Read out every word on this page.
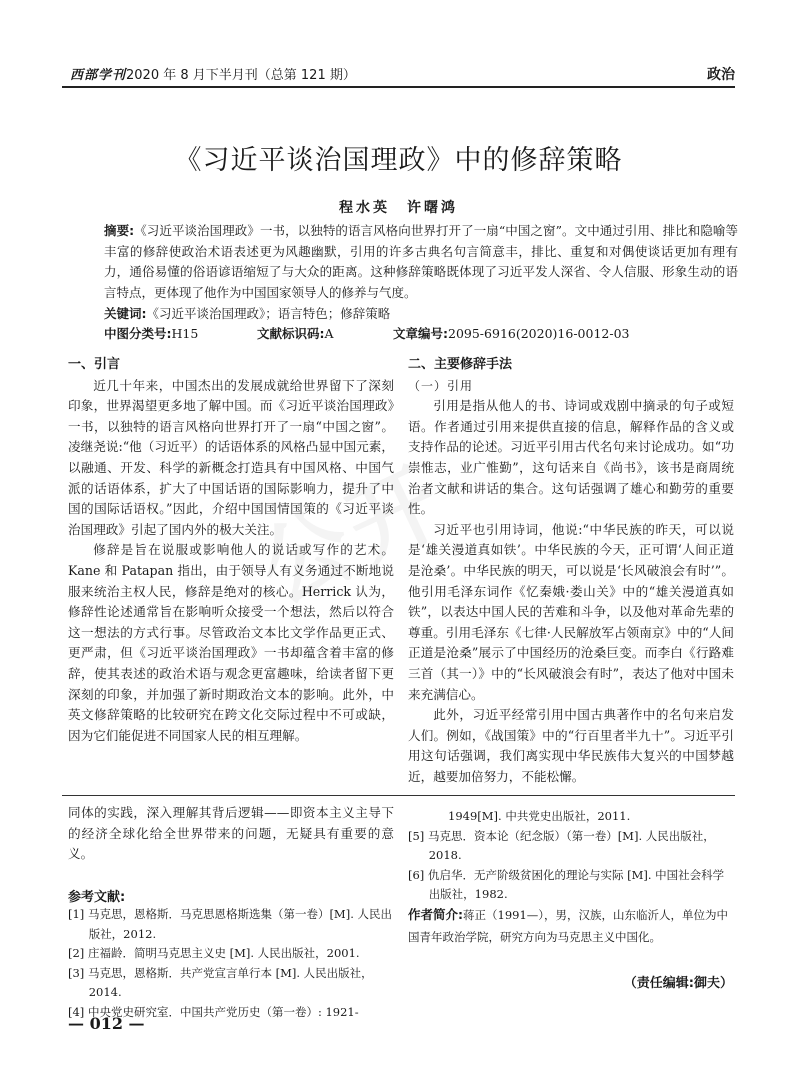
西部学刊2020 年 8 月下半月刊（总第 121 期）	政治
《习近平谈治国理政》中的修辞策略
程水英　许曙鸿
摘要:《习近平谈治国理政》一书，以独特的语言风格向世界打开了一扇“中国之窗”。文中通过引用、排比和隐喻等丰富的修辞使政治术语表述更为风趣幽默，引用的许多古典名句言简意丰，排比、重复和对偶使谈话更加有理有力，通俗易懂的俗语谚语缩短了与大众的距离。这种修辞策略既体现了习近平发人深省、令人信服、形象生动的语言特点，更体现了他作为中国国家领导人的修养与气度。
关键词:《习近平谈治国理政》；语言特色；修辞策略
中图分类号:H15	文献标识码:A	文章编号:2095-6916(2020)16-0012-03
一、引言

近几十年来，中国杰出的发展成就给世界留下了深刻印象，世界渴望更多地了解中国。而《习近平谈治国理政》一书，以独特的语言风格向世界打开了一扇“中国之窗”。凌继尧说:“他（习近平）的话语体系的风格凸显中国元素，以融通、开发、科学的新概念打造具有中国风格、中国气派的话语体系，扩大了中国话语的国际影响力，提升了中国的国际话语权。”因此，介绍中国国情国策的《习近平谈治国理政》引起了国内外的极大关注。

修辞是旨在说服或影响他人的说话或写作的艺术。Kane 和 Patapan 指出，由于领导人有义务通过不断地说服来统治主权人民，修辞是绝对的核心。Herrick 认为，修辞性论述通常旨在影响听众接受一个想法，然后以符合这一想法的方式行事。尽管政治文本比文学作品更正式、更严肃，但《习近平谈治国理政》一书却蕴含着丰富的修辞，使其表述的政治术语与观念更富趣味，给读者留下更深刻的印象，并加强了新时期政治文本的影响。此外，中英文修辞策略的比较研究在跨文化交际过程中不可或缺，因为它们能促进不同国家人民的相互理解。

二、主要修辞手法
（一）引用

引用是指从他人的书、诗词或戏剧中摘录的句子或短语。作者通过引用来提供直接的信息，解释作品的含义或支持作品的论述。习近平引用古代名句来讨论成功。如“功崇惟志，业广惟勤”，这句话来自《尚书》，该书是商周统治者文献和讲话的集合。这句话强调了雄心和勤劳的重要性。

习近平也引用诗词，他说:“中华民族的昨天，可以说是‘雄关漫道真如铁’。中华民族的今天，正可谓‘人间正道是沧桑’。中华民族的明天，可以说是‘长风破浪会有时’”。他引用毛泽东词作《忆秦娥·娄山关》中的“雄关漫道真如铁”，以表达中国人民的苦难和斗争，以及他对革命先辈的尊重。引用毛泽东《七律·人民解放军占领南京》中的“人间正道是沧桑”展示了中国经历的沧桑巨变。而李白《行路难三首（其一）》中的“长风破浪会有时”，表达了他对中国未来充满信心。

此外，习近平经常引用中国古典著作中的名句来启发人们。例如，《战国策》中的“行百里者半九十”。习近平引用这句话强调，我们离实现中华民族伟大复兴的中国梦越近，越要加倍努力，不能松懈。

同体的实践，深入理解其背后逻辑——即资本主义主导下的经济全球化给全世界带来的问题，无疑具有重要的意义。
参考文献:

[1] 马克思，恩格斯．马克思恩格斯选集（第一卷）[M]. 人民出版社，2012.

[2] 庄福龄．简明马克思主义史 [M]. 人民出版社，2001.

[3] 马克思，恩格斯．共产党宣言单行本 [M]. 人民出版社，2014.

[4] 中央党史研究室．中国共产党历史（第一卷）: 1921-

1949[M]. 中共党史出版社，2011.

[5] 马克思．资本论（纪念版）（第一卷）[M]. 人民出版社，2018.

[6] 仇启华．无产阶级贫困化的理论与实际 [M]. 中国社会科学出版社，1982.

作者简介:蒋正（1991—），男，汉族，山东临沂人，单位为中国青年政治学院，研究方向为马克思主义中国化。
（责任编辑:御夫）
— 012 —
